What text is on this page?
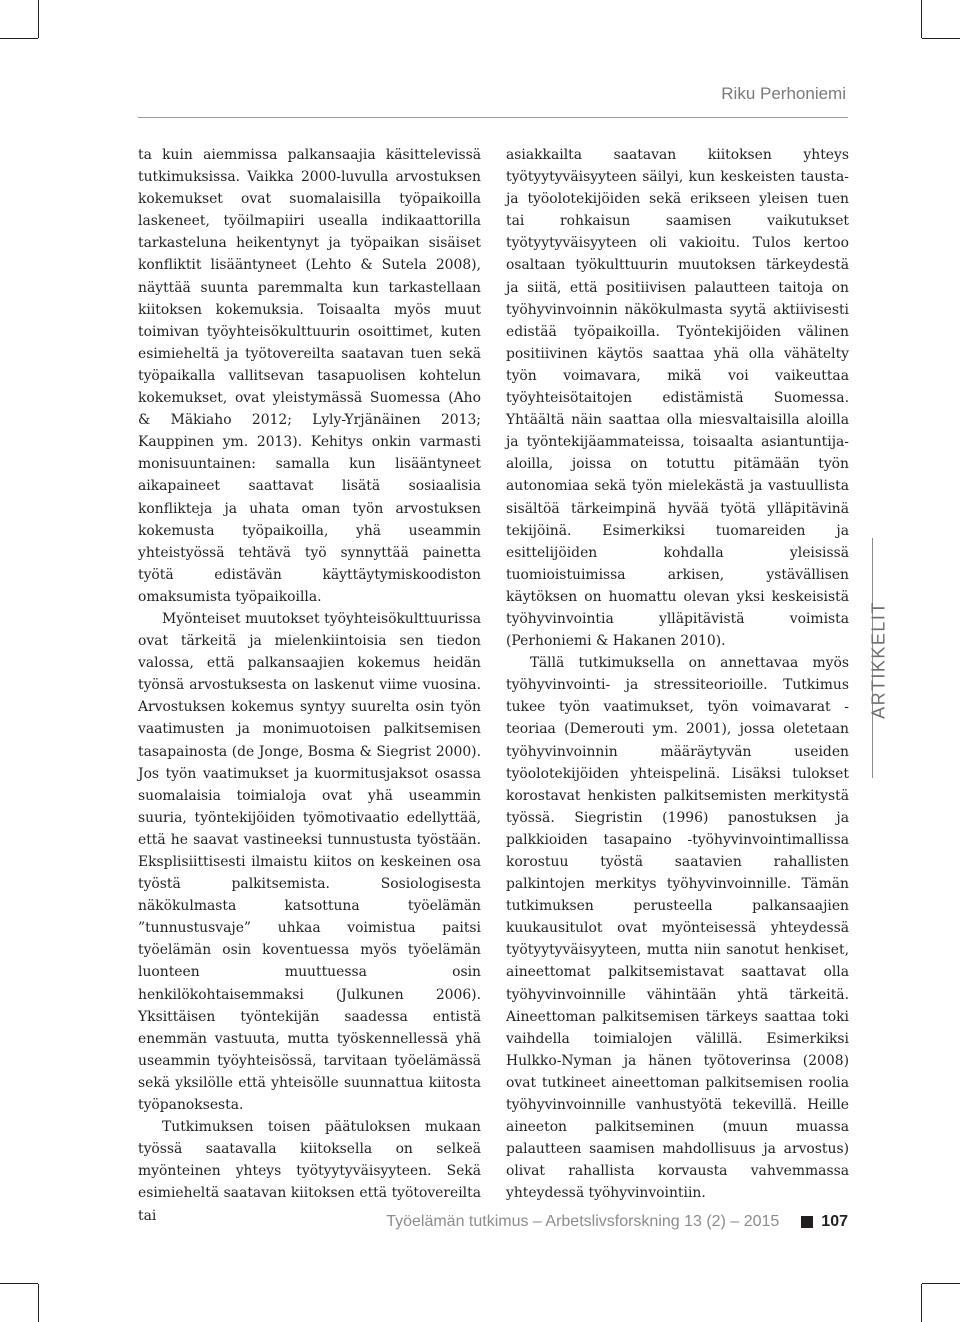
Riku Perhoniemi

ta kuin aiemmissa palkansaajia käsittelevissä tutkimuksissa. Vaikka 2000-luvulla arvostuksen kokemukset ovat suomalaisilla työpaikoilla laskeneet, työilmapiiri usealla indikaattorilla tarkasteluna heikentynyt ja työpaikan sisäiset konfliktit lisääntyneet (Lehto & Sutela 2008), näyttää suunta paremmalta kun tarkastellaan kiitoksen kokemuksia. Toisaalta myös muut toimivan työyhteisökulttuurin osoittimet, kuten esimieheltä ja työtovereilta saatavan tuen sekä työpaikalla vallitsevan tasapuolisen kohtelun kokemukset, ovat yleistymässä Suomessa (Aho & Mäkiaho 2012; Lyly-Yrjänäinen 2013; Kauppinen ym. 2013). Kehitys onkin varmasti monisuuntainen: samalla kun lisääntyneet aikapaineet saattavat lisätä sosiaalisia konflikteja ja uhata oman työn arvostuksen kokemusta työpaikoilla, yhä useammin yhteistyössä tehtävä työ synnyttää painetta työtä edistävän käyttäytymiskoodiston omaksumista työpaikoilla.

Myönteiset muutokset työyhteisökulttuurissa ovat tärkeitä ja mielenkiintoisia sen tiedon valossa, että palkansaajien kokemus heidän työnsä arvostuksesta on laskenut viime vuosina. Arvostuksen kokemus syntyy suurelta osin työn vaatimusten ja monimuotoisen palkitsemisen tasapainosta (de Jonge, Bosma & Siegrist 2000). Jos työn vaatimukset ja kuormitusjaksot osassa suomalaisia toimialoja ovat yhä useammin suuria, työntekijöiden työmotivaatio edellyttää, että he saavat vastineeksi tunnustusta työstään. Eksplisiittisesti ilmaistu kiitos on keskeinen osa työstä palkitsemista. Sosiologisesta näkökulmasta katsottuna työelämän ”tunnustusvaje” uhkaa voimistua paitsi työelämän osin koventuessa myös työelämän luonteen muuttuessa osin henkilökohtaisemmaksi (Julkunen 2006). Yksittäisen työntekijän saadessa entistä enemmän vastuuta, mutta työskennellessä yhä useammin työyhteisössä, tarvitaan työelämässä sekä yksilölle että yhteisölle suunnattua kiitosta työpanoksesta.

Tutkimuksen toisen päätuloksen mukaan työssä saatavalla kiitoksella on selkeä myönteinen yhteys työtyytyväisyyteen. Sekä esimieheltä saatavan kiitoksen että työtovereilta tai

asiakkailta saatavan kiitoksen yhteys työtyytyväisyyteen säilyi, kun keskeisten tausta- ja työolotekijöiden sekä erikseen yleisen tuen tai rohkaisun saamisen vaikutukset työtyytyväisyyteen oli vakioitu. Tulos kertoo osaltaan työkulttuurin muutoksen tärkeydestä ja siitä, että positiivisen palautteen taitoja on työhyvinvoinnin näkökulmasta syytä aktiivisesti edistää työpaikoilla. Työntekijöiden välinen positiivinen käytös saattaa yhä olla vähätelty työn voimavara, mikä voi vaikeuttaa työyhteisötaitojen edistämistä Suomessa. Yhtäältä näin saattaa olla miesvaltaisilla aloilla ja työntekijäammateissa, toisaalta asiantuntija-aloilla, joissa on totuttu pitämään työn autonomiaa sekä työn mielekästä ja vastuullista sisältöä tärkeimpinä hyvää työtä ylläpitävinä tekijöinä. Esimerkiksi tuomareiden ja esittelijöiden kohdalla yleisissä tuomioistuimissa arkisen, ystävällisen käytöksen on huomattu olevan yksi keskeisistä työhyvinvointia ylläpitävistä voimista (Perhoniemi & Hakanen 2010).

Tällä tutkimuksella on annettavaa myös työhyvinvointi- ja stressiteorioille. Tutkimus tukee työn vaatimukset, työn voimavarat -teoriaa (Demerouti ym. 2001), jossa oletetaan työhyvinvoinnin määräytyvän useiden työolotekijöiden yhteispelinä. Lisäksi tulokset korostavat henkisten palkitsemisten merkitystä työssä. Siegristin (1996) panostuksen ja palkkioiden tasapaino -työhyvinvointimallissa korostuu työstä saatavien rahallisten palkintojen merkitys työhyvinvoinnille. Tämän tutkimuksen perusteella palkansaajien kuukausitulot ovat myönteisessä yhteydessä työtyytyväisyyteen, mutta niin sanotut henkiset, aineettomat palkitsemistavat saattavat olla työhyvinvoinnille vähintään yhtä tärkeitä. Aineettoman palkitsemisen tärkeys saattaa toki vaihdella toimialojen välillä. Esimerkiksi Hulkko-Nyman ja hänen työtoverinsa (2008) ovat tutkineet aineettoman palkitsemisen roolia työhyvinvoinnille vanhustyötä tekevillä. Heille aineeton palkitseminen (muun muassa palautteen saamisen mahdollisuus ja arvostus) olivat rahallista korvausta vahvemmassa yhteydessä työhyvinvointiin.

ARTIKKELIT
Työelämän tutkimus – Arbetslivsforskning 13 (2) – 2015	107
